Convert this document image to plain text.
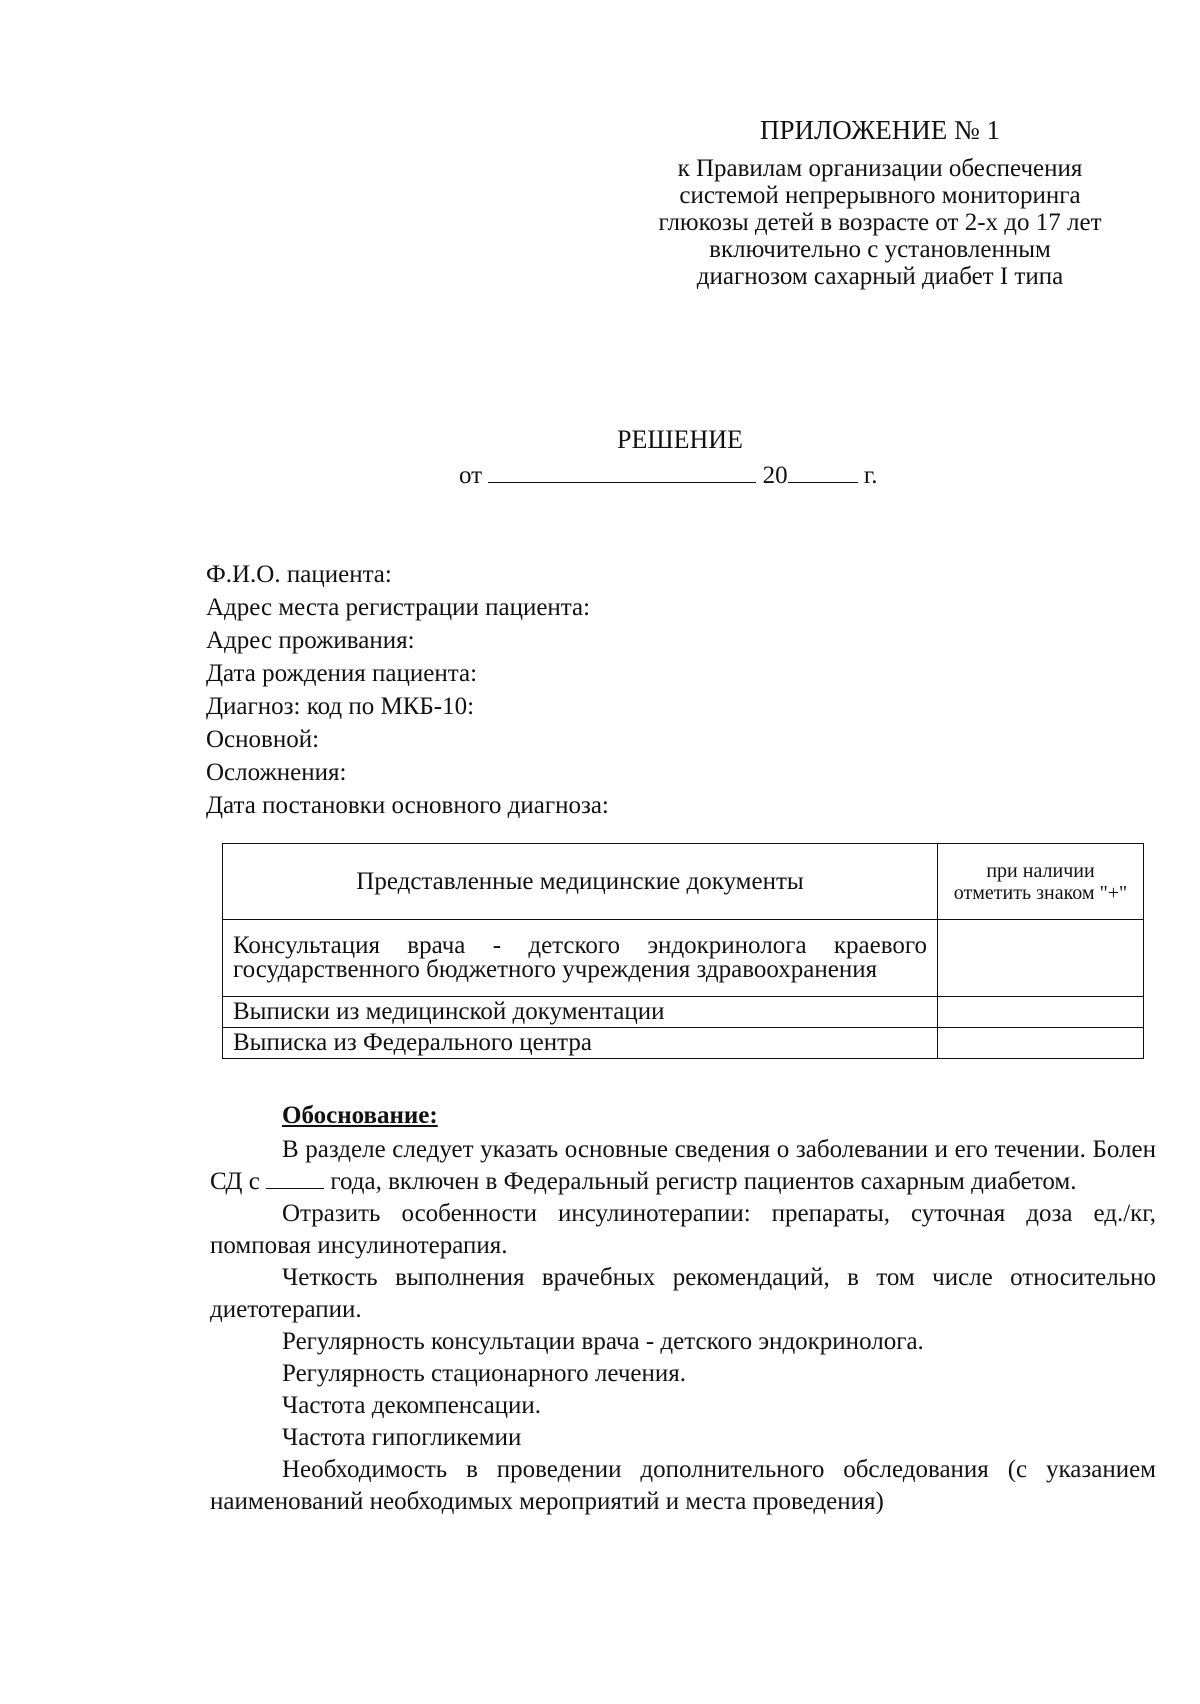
ПРИЛОЖЕНИЕ № 1

к Правилам организации обеспечения

системой непрерывного мониторинга

глюкозы детей в возрасте от 2-х до 17 лет

включительно с установленным

диагнозом сахарный диабет I типа

РЕШЕНИЕ

от	20	г.

Ф.И.О. пациента:

Адрес места регистрации пациента:

Адрес проживания:

Дата рождения пациента:

Диагноз: код по МКБ-10:

Основной:

Осложнения:

Дата постановки основного диагноза:

Представленные медицинские документы	при наличии отметить знаком "+"
Консультация врача - детского эндокринолога краевого государственного бюджетного учреждения здравоохранения	
Выписки из медицинской документации	
Выписка из Федерального центра	

Обоснование:

В разделе следует указать основные сведения о заболевании и его течении. Болен СД с	года, включен в Федеральный регистр пациентов сахарным диабетом.

Отразить особенности инсулинотерапии: препараты, суточная доза ед./кг, помповая инсулинотерапия.

Четкость выполнения врачебных рекомендаций, в том числе относительно диетотерапии.

Регулярность консультации врача - детского эндокринолога.

Регулярность стационарного лечения.

Частота декомпенсации.

Частота гипогликемии

Необходимость в проведении дополнительного обследования (с указанием наименований необходимых мероприятий и места проведения)
